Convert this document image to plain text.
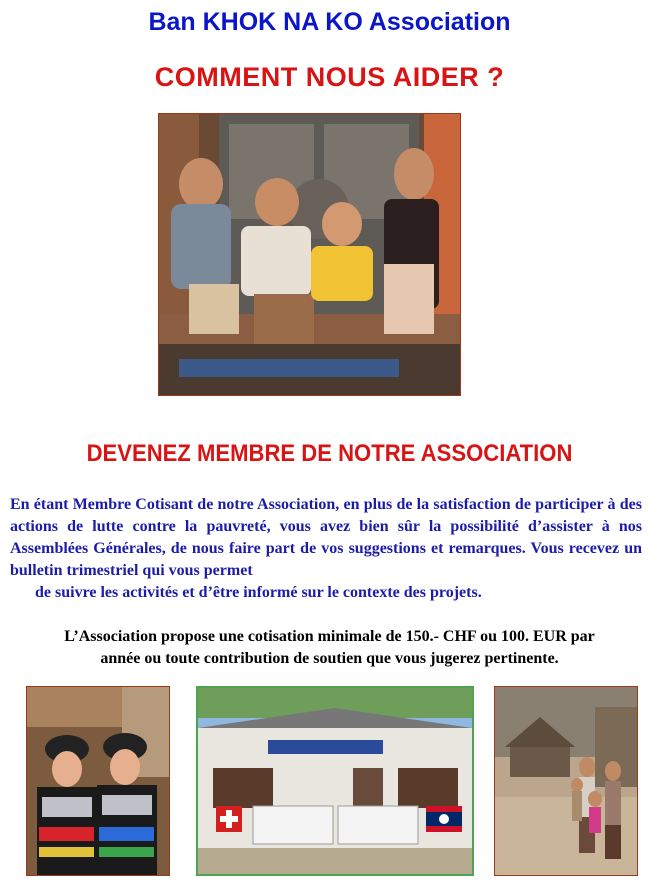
Ban KHOK NA KO Association
COMMENT NOUS AIDER ?
DEVENEZ MEMBRE DE NOTRE ASSOCIATION
En étant Membre Cotisant de notre Association, en plus de la satisfaction de participer à des actions de lutte contre la pauvreté, vous avez bien sûr la possibilité d’assister à nos Assemblées Générales, de nous faire part de vos suggestions et remarques. Vous recevez un bulletin trimestriel qui vous permet
de suivre les activités et d’être informé sur le contexte des projets.
L’Association propose une cotisation minimale de 150.- CHF ou 100. EUR par
année ou toute contribution de soutien que vous jugerez pertinente.
